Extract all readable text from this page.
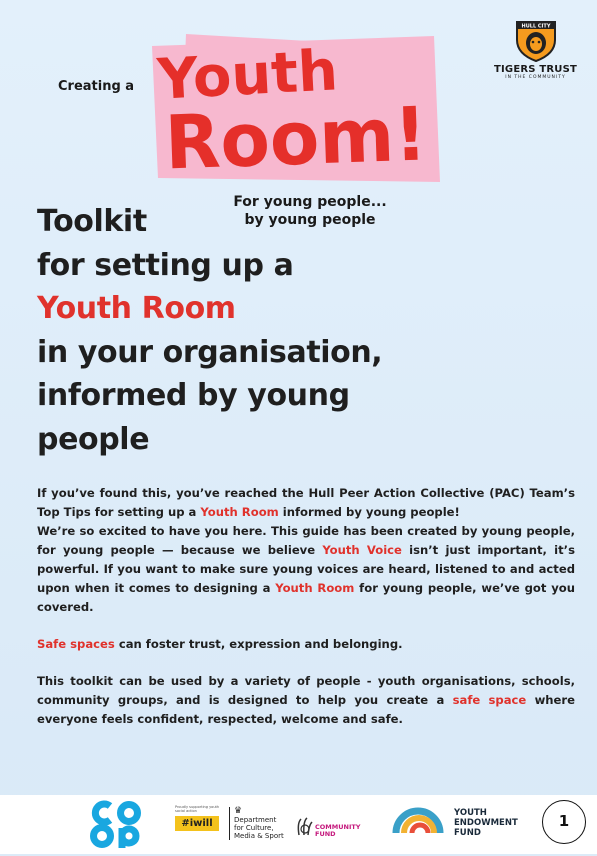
Creating a Youth
Room!
For young people...
by young people
HULL CITY
TIGERS TRUST
IN THE COMMUNITY
Toolkit
for setting up a
Youth Room
in your organisation,
informed by young
people

If you’ve found this, you’ve reached the Hull Peer Action Collective (PAC) Team’s Top Tips for setting up a Youth Room informed by young people!

We’re so excited to have you here. This guide has been created by young people, for young people — because we believe Youth Voice isn’t just important, it’s powerful. If you want to make sure young voices are heard, listened to and acted upon when it comes to designing a Youth Room for young people, we’ve got you covered.

Safe spaces can foster trust, expression and belonging.

This toolkit can be used by a variety of people - youth organisations, schools, community groups, and is designed to help you create a safe space where everyone feels confident, respected, welcome and safe.

Proudly supporting youth social action
#iwill
♛
Department
for Culture,
Media & Sport
COMMUNITY
FUND
YOUTH
ENDOWMENT
FUND
1
